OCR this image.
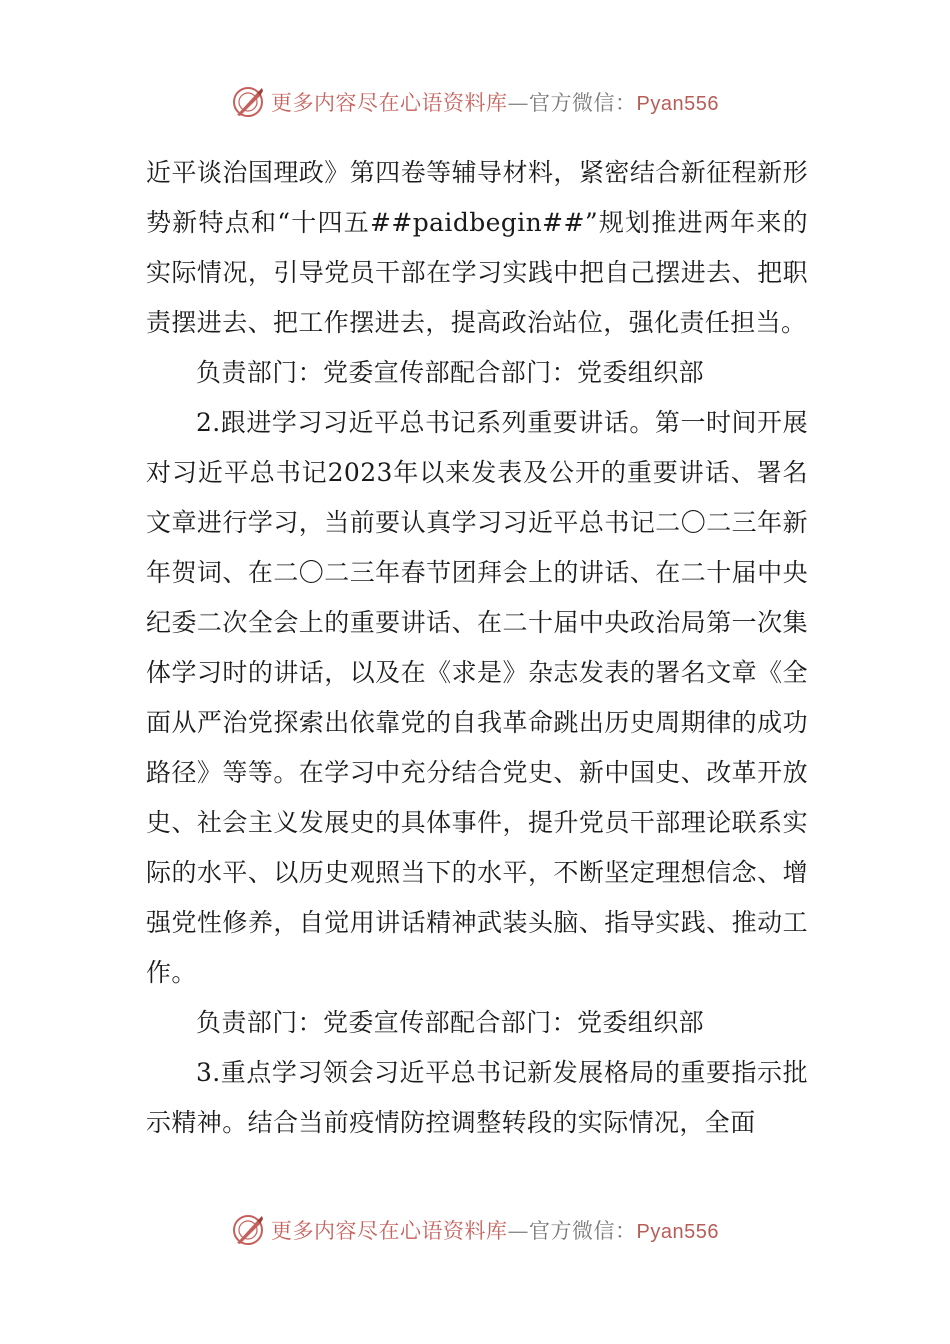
更多内容尽在心语资料库—官方微信：Pyan556

近平谈治国理政》第四卷等辅导材料，紧密结合新征程新形势新特点和“十四五##paidbegin##”规划推进两年来的实际情况，引导党员干部在学习实践中把自己摆进去、把职责摆进去、把工作摆进去，提高政治站位，强化责任担当。

负责部门：党委宣传部配合部门：党委组织部

2.跟进学习习近平总书记系列重要讲话。第一时间开展对习近平总书记2023年以来发表及公开的重要讲话、署名文章进行学习，当前要认真学习习近平总书记二〇二三年新年贺词、在二〇二三年春节团拜会上的讲话、在二十届中央纪委二次全会上的重要讲话、在二十届中央政治局第一次集体学习时的讲话，以及在《求是》杂志发表的署名文章《全面从严治党探索出依靠党的自我革命跳出历史周期律的成功路径》等等。在学习中充分结合党史、新中国史、改革开放史、社会主义发展史的具体事件，提升党员干部理论联系实际的水平、以历史观照当下的水平，不断坚定理想信念、增强党性修养，自觉用讲话精神武装头脑、指导实践、推动工作。

负责部门：党委宣传部配合部门：党委组织部

3.重点学习领会习近平总书记新发展格局的重要指示批示精神。结合当前疫情防控调整转段的实际情况，全面

更多内容尽在心语资料库—官方微信：Pyan556
